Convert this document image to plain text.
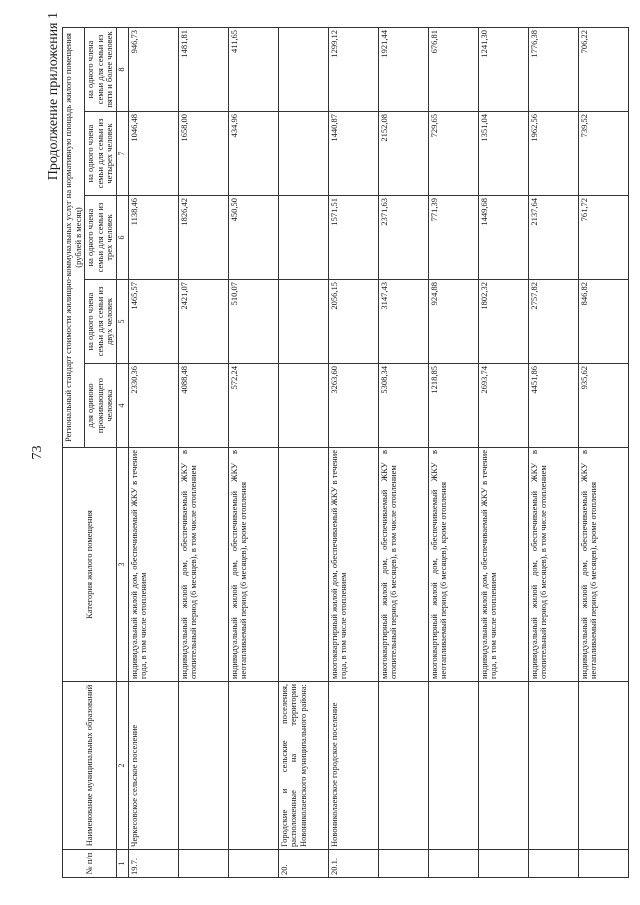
73
Продолжение приложения 1
№ п/п	Наименование муниципальных образований	Категория жилого помещения	Региональный стандарт стоимости жилищно-коммунальных услуг на нормативную площадь жилого помещения (рублей в месяц)				
			для одиноко проживающего человека	на одного члена семьи для семьи из двух человек	на одного члена семьи для семьи из трех человек	на одного члена семьи для семьи из четырех человек	на одного члена семьи для семьи из пяти и более человек
1	2	3	4	5	6	7	8
19.7.	Черкесовское сельское поселение	индивидуальный жилой дом, обеспечиваемый ЖКУ в течение года, в том числе отоплением	2330,36	1465,57	1138,46	1046,48	946,73
		индивидуальный жилой дом, обеспечиваемый ЖКУ в отопительный период (6 месяцев), в том числе отоплением	4088,48	2421,07	1826,42	1658,00	1481,81
		индивидуальный жилой дом, обеспечиваемый ЖКУ в неотапливаемый период (6 месяцев), кроме отопления	572,24	510,07	450,50	434,96	411,65
20.	Городские и сельские поселения, расположенные на территории Новониколаевского муниципального района:						
20.1.	Новониколаевское городское поселение	многоквартирный жилой дом, обеспечиваемый ЖКУ в течение года, в том числе отоплением	3263,60	2056,15	1571,51	1440,87	1299,12
		многоквартирный жилой дом, обеспечиваемый ЖКУ в отопительный период (6 месяцев), в том числе отоплением	5308,34	3147,43	2371,63	2152,08	1921,44
		многоквартирный жилой дом, обеспечиваемый ЖКУ в неотапливаемый период (6 месяцев), кроме отопления	1218,85	924,88	771,39	729,65	676,81
		индивидуальный жилой дом, обеспечиваемый ЖКУ в течение года, в том числе отоплением	2693,74	1802,32	1449,68	1351,04	1241,30
		индивидуальный жилой дом, обеспечиваемый ЖКУ в отопительный период (6 месяцев), в том числе отоплением	4451,86	2757,82	2137,64	1962,56	1776,38
		индивидуальный жилой дом, обеспечиваемый ЖКУ в неотапливаемый период (6 месяцев), кроме отопления	935,62	846,82	761,72	739,52	706,22
